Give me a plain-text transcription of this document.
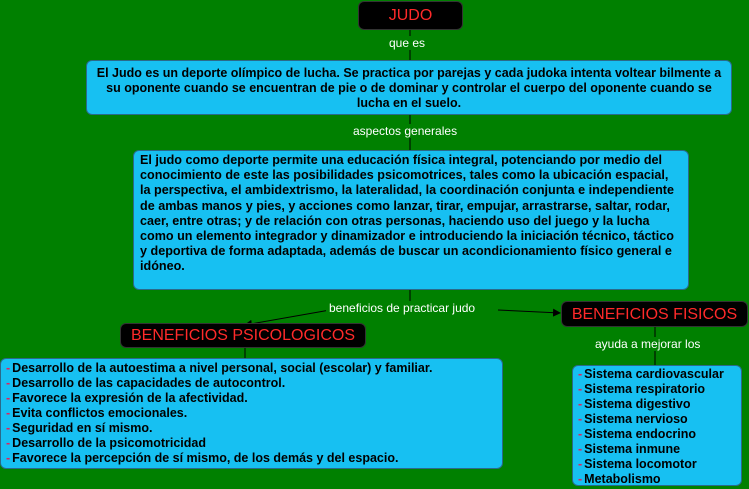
JUDO
que es
El Judo es un deporte olímpico de lucha. Se practica por parejas y cada judoka intenta voltear bilmente a su oponente cuando se encuentran de pie o de dominar y controlar el cuerpo del oponente cuando se lucha en el suelo.
aspectos generales
El judo como deporte permite una educación física integral, potenciando por medio del conocimiento de este las posibilidades psicomotrices, tales como la ubicación espacial, la perspectiva, el ambidextrismo, la lateralidad, la coordinación conjunta e independiente de ambas manos y pies, y acciones como lanzar, tirar, empujar, arrastrarse, saltar, rodar, caer, entre otras; y de relación con otras personas, haciendo uso del juego y la lucha como un elemento integrador y dinamizador e introduciendo la iniciación técnico, táctico y deportiva de forma adaptada, además de buscar un acondicionamiento físico general e idóneo.
beneficios de practicar judo
BENEFICIOS PSICOLOGICOS
- Desarrollo de la autoestima a nivel personal, social (escolar) y familiar.
- Desarrollo de las capacidades de autocontrol.
- Favorece la expresión de la afectividad.
- Evita conflictos emocionales.
- Seguridad en sí mismo.
- Desarrollo de la psicomotricidad
- Favorece la percepción de sí mismo, de los demás y del espacio.
BENEFICIOS FISICOS
ayuda a mejorar los
- Sistema cardiovascular
- Sistema respiratorio
- Sistema digestivo
- Sistema nervioso
- Sistema endocrino
- Sistema inmune
- Sistema locomotor
- Metabolismo
